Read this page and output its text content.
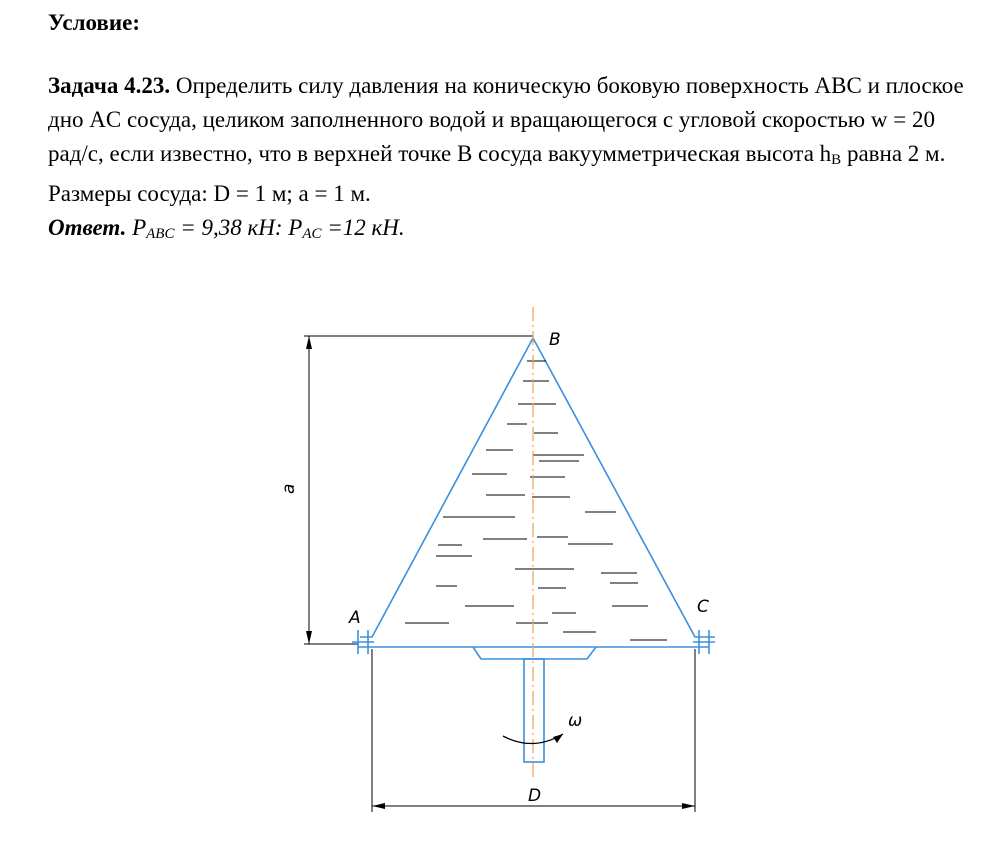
Условие:

Задача 4.23. Определить силу давления на коническую боковую поверхность ABC и плоское дно AC сосуда, целиком заполненного водой и вращающегося с угловой скоростью w = 20 рад/с, если известно, что в верхней точке B сосуда вакуумметрическая высота $h_B$ равна 2 м.

Размеры сосуда: D = 1 м; a = 1 м.

Ответ. $P_{ABC} = 9,38$ кН: $P_{AC} =12$ кН.

B
A
C
a
D
ω
